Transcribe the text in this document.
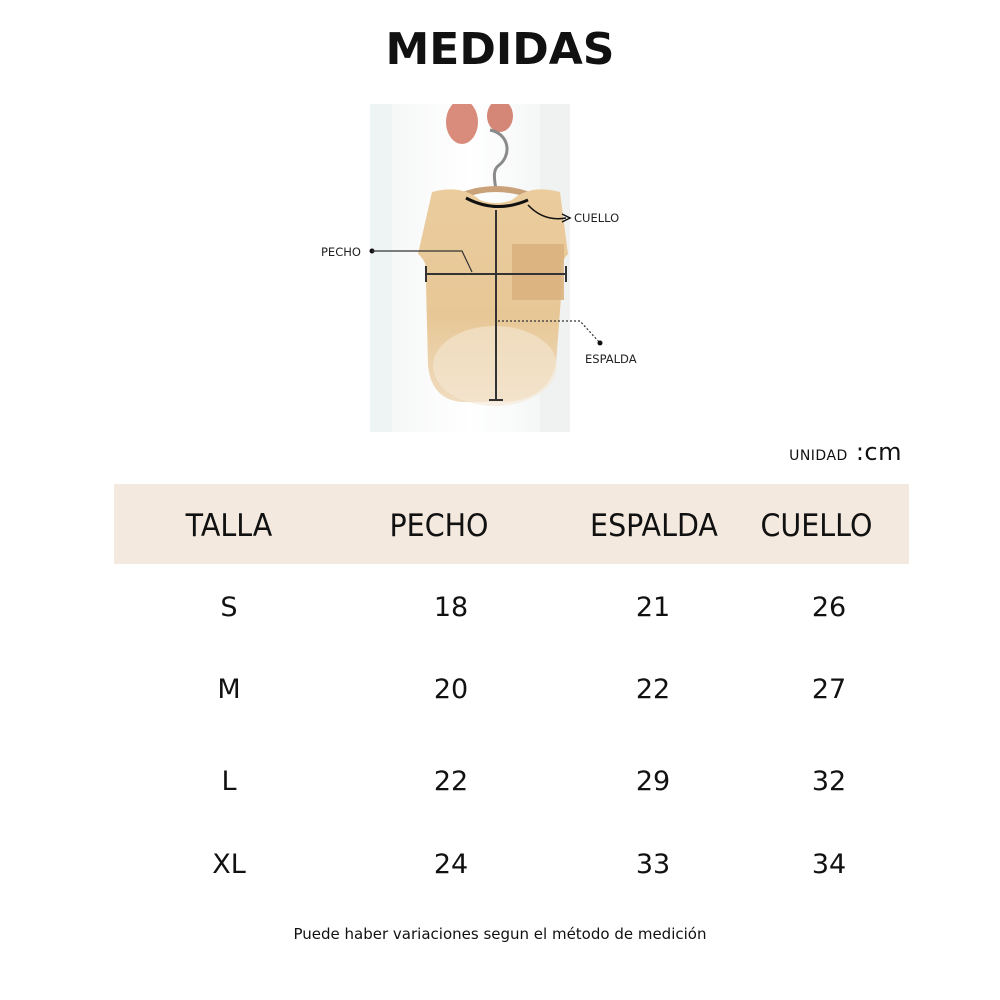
MEDIDAS
CUELLO
PECHO
ESPALDA
UNIDAD :cm
TALLA	PECHO	ESPALDA	CUELLO
S	18	21	26
M	20	22	27
L	22	29	32
XL	24	33	34
Puede haber variaciones segun el método de medición
